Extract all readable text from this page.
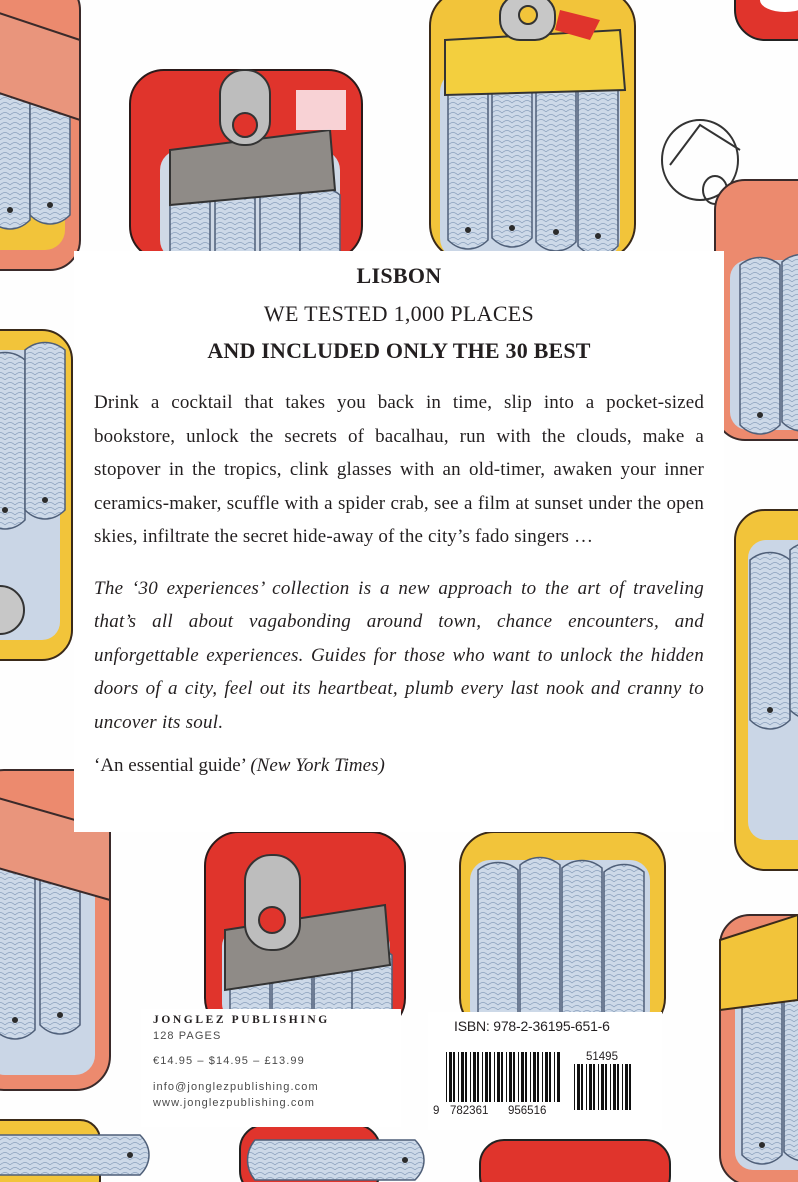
LISBON
WE TESTED 1,000 PLACES
AND INCLUDED ONLY THE 30 BEST

Drink a cocktail that takes you back in time, slip into a pocket-sized bookstore, unlock the secrets of bacalhau, run with the clouds, make a stopover in the tropics, clink glasses with an old-timer, awaken your inner ceramics-maker, scuffle with a spider crab, see a film at sunset under the open skies, infiltrate the secret hide-away of the city’s fado singers …

The ‘30 experiences’ collection is a new approach to the art of traveling that’s all about vagabonding around town, chance encounters, and unforgettable experiences. Guides for those who want to unlock the hidden doors of a city, feel out its heartbeat, plumb every last nook and cranny to uncover its soul.

‘An essential guide’ (New York Times)

JONGLEZ PUBLISHING
128 PAGES
€14.95 – $14.95 – £13.99
info@jonglezpublishing.com
www.jonglezpublishing.com
ISBN: 978-2-36195-651-6
9 782361 956516
51495
